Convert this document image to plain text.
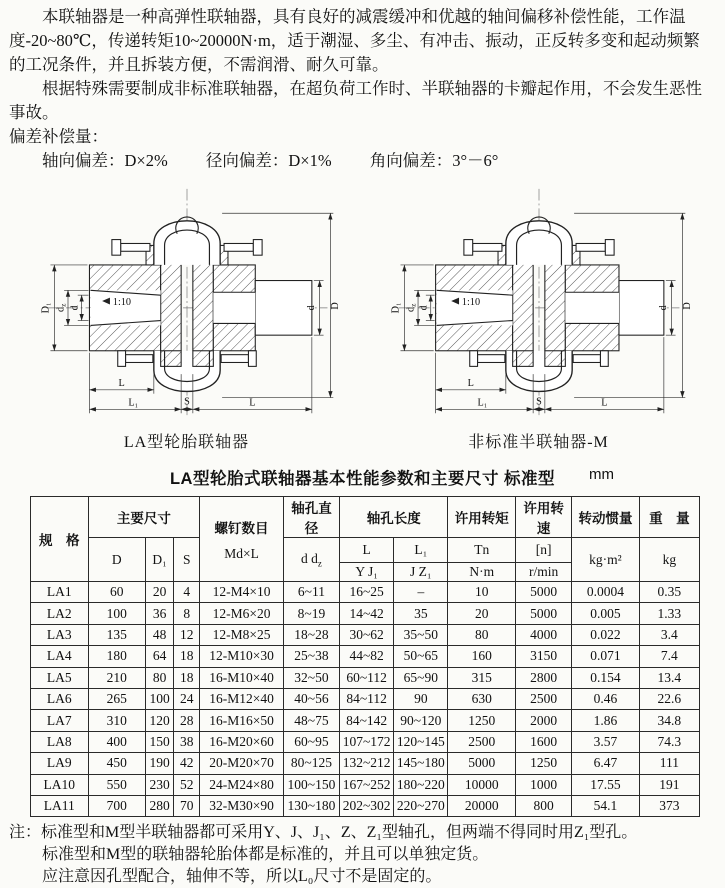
本联轴器是一种高弹性联轴器，具有良好的减震缓冲和优越的轴间偏移补偿性能，工作温度-20~80℃，传递转矩10~20000N·m，适于潮湿、多尘、有冲击、振动，正反转多变和起动频繁的工况条件，并且拆装方便，不需润滑、耐久可靠。

根据特殊需要制成非标准联轴器，在超负荷工作时、半联轴器的卡瓣起作用，不会发生恶性事故。

偏差补偿量：

轴向偏差：D×2% 径向偏差：D×1% 角向偏差：3°－6°

1:10
D₁ dz
d	d D
L
L₁	S	L
LA型轮胎联轴器
1:10
D₁ dz
d	d D
L
L₁	S	L
非标准半联轴器-M
LA型轮胎式联轴器基本性能参数和主要尺寸 标准型 mm
规　格	主要尺寸			螺钉数目
Md×L	轴孔直径	轴孔长度		许用转矩	许用转速	转动惯量	重　量
	D	D₁	S		d $d_z$	L	L₁	Tn	[n]	kg·m²	kg
						Y J₁	J Z₁	N·m	r/min		
LA1	60	20	4	12-M4×10	6~11	16~25	–	10	5000	0.0004	0.35
LA2	100	36	8	12-M6×20	8~19	14~42	35	20	5000	0.005	1.33
LA3	135	48	12	12-M8×25	18~28	30~62	35~50	80	4000	0.022	3.4
LA4	180	64	18	12-M10×30	25~38	44~82	50~65	160	3150	0.071	7.4
LA5	210	80	18	16-M10×40	32~50	60~112	65~90	315	2800	0.154	13.4
LA6	265	100	24	16-M12×40	40~56	84~112	90	630	2500	0.46	22.6
LA7	310	120	28	16-M16×50	48~75	84~142	90~120	1250	2000	1.86	34.8
LA8	400	150	38	16-M20×60	60~95	107~172	120~145	2500	1600	3.57	74.3
LA9	450	190	42	20-M20×70	80~125	132~212	145~180	5000	1250	6.47	111
LA10	550	230	52	24-M24×80	100~150	167~252	180~220	10000	1000	17.55	191
LA11	700	280	70	32-M30×90	130~180	202~302	220~270	20000	800	54.1	373

注：标准型和M型半联轴器都可采用Y、J、J₁、Z、Z₁型轴孔，但两端不得同时用Z₁型孔。

标准型和M型的联轴器轮胎体都是标准的，并且可以单独定货。

应注意因孔型配合，轴伸不等，所以L₀尺寸不是固定的。
